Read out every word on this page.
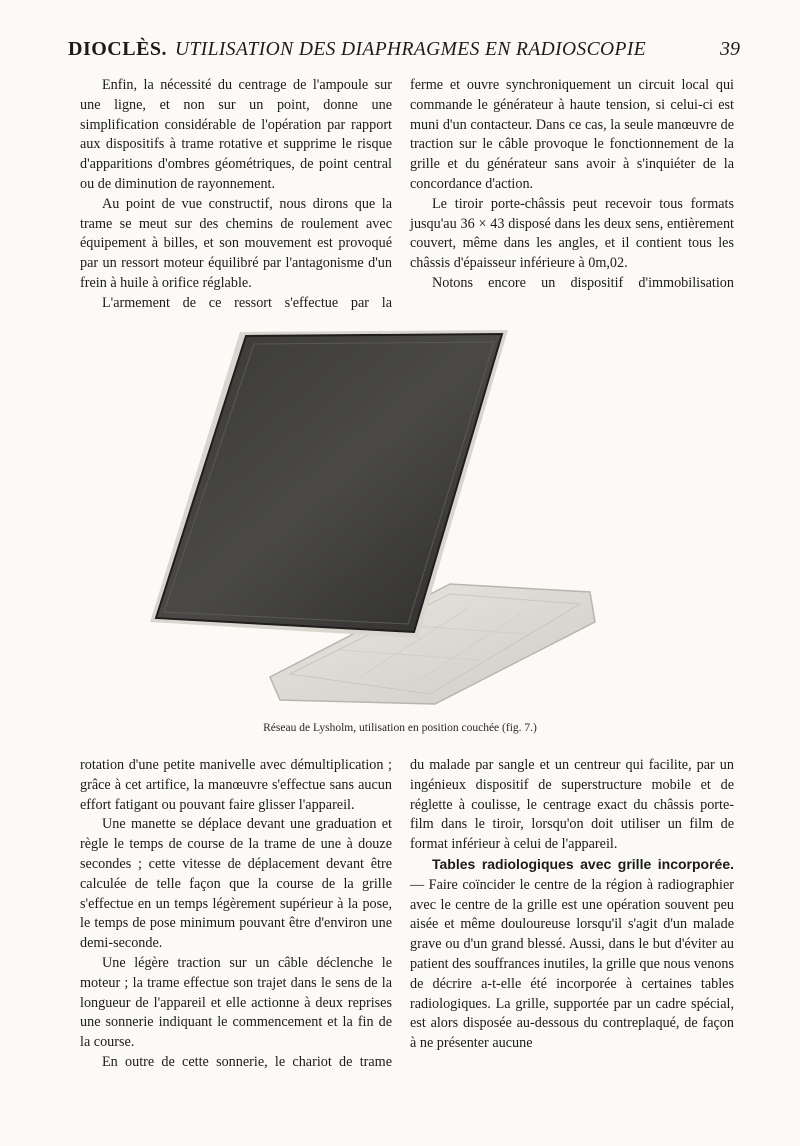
DIOCLÈS. UTILISATION DES DIAPHRAGMES EN RADIOSCOPIE	39

Enfin, la nécessité du centrage de l'ampoule sur une ligne, et non sur un point, donne une simplification considérable de l'opération par rapport aux dispositifs à trame rotative et supprime le risque d'apparitions d'ombres géométriques, de point central ou de diminution de rayonnement.

Au point de vue constructif, nous dirons que la trame se meut sur des chemins de roulement avec équipement à billes, et son mouvement est provoqué par un ressort moteur équilibré par l'antagonisme d'un frein à huile à orifice réglable.

L'armement de ce ressort s'effectue par la

ferme et ouvre synchroniquement un circuit local qui commande le générateur à haute tension, si celui-ci est muni d'un contacteur. Dans ce cas, la seule manœuvre de traction sur le câble provoque le fonctionnement de la grille et du générateur sans avoir à s'inquiéter de la concordance d'action.

Le tiroir porte-châssis peut recevoir tous formats jusqu'au 36 × 43 disposé dans les deux sens, entièrement couvert, même dans les angles, et il contient tous les châssis d'épaisseur inférieure à 0m,02.

Notons encore un dispositif d'immobilisation

Réseau de Lysholm, utilisation en position couchée (fig. 7.)

rotation d'une petite manivelle avec démultiplication ; grâce à cet artifice, la manœuvre s'effectue sans aucun effort fatigant ou pouvant faire glisser l'appareil.

Une manette se déplace devant une graduation et règle le temps de course de la trame de une à douze secondes ; cette vitesse de déplacement devant être calculée de telle façon que la course de la grille s'effectue en un temps légèrement supérieur à la pose, le temps de pose minimum pouvant être d'environ une demi-seconde.

Une légère traction sur un câble déclenche le moteur ; la trame effectue son trajet dans le sens de la longueur de l'appareil et elle actionne à deux reprises une sonnerie indiquant le commencement et la fin de la course.

En outre de cette sonnerie, le chariot de trame

du malade par sangle et un centreur qui facilite, par un ingénieux dispositif de superstructure mobile et de réglette à coulisse, le centrage exact du châssis porte-film dans le tiroir, lorsqu'on doit utiliser un film de format inférieur à celui de l'appareil.

Tables radiologiques avec grille incorporée. — Faire coïncider le centre de la région à radiographier avec le centre de la grille est une opération souvent peu aisée et même douloureuse lorsqu'il s'agit d'un malade grave ou d'un grand blessé. Aussi, dans le but d'éviter au patient des souffrances inutiles, la grille que nous venons de décrire a-t-elle été incorporée à certaines tables radiologiques. La grille, supportée par un cadre spécial, est alors disposée au-dessous du contreplaqué, de façon à ne présenter aucune
